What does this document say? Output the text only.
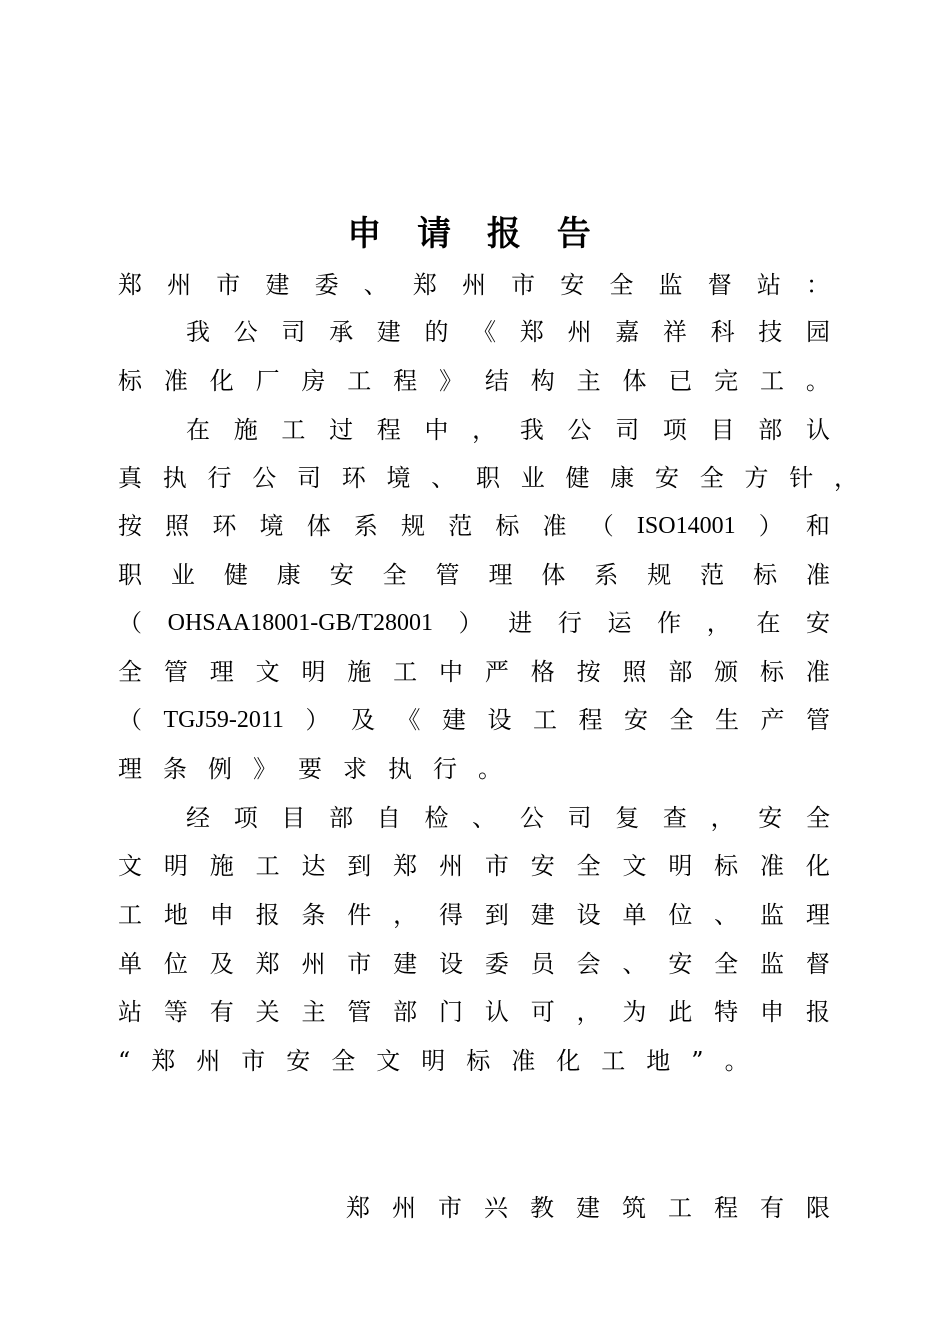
申 请 报 告
郑 州 市 建 委 、 郑 州 市 安 全 监 督 站 ：
我 公 司 承 建 的 《 郑 州 嘉 祥 科 技 园
标 准 化 厂 房 工 程 》 结 构 主 体 已 完 工 。
在 施 工 过 程 中 ， 我 公 司 项 目 部 认
真 执 行 公 司 环 境 、 职 业 健 康 安 全 方 针 ，
按 照 环 境 体 系 规 范 标 准 （ ISO14001 ） 和
职 业 健 康 安 全 管 理 体 系 规 范 标 准
（ OHSAA18001-GB/T28001 ） 进 行 运 作 ， 在 安
全 管 理 文 明 施 工 中 严 格 按 照 部 颁 标 准
（ TGJ59-2011 ） 及 《 建 设 工 程 安 全 生 产 管
理 条 例 》 要 求 执 行 。
经 项 目 部 自 检 、 公 司 复 查 ， 安 全
文 明 施 工 达 到 郑 州 市 安 全 文 明 标 准 化
工 地 申 报 条 件 ， 得 到 建 设 单 位 、 监 理
单 位 及 郑 州 市 建 设 委 员 会 、 安 全 监 督
站 等 有 关 主 管 部 门 认 可 ， 为 此 特 申 报
“ 郑 州 市 安 全 文 明 标 准 化 工 地 ” 。
郑 州 市 兴 教 建 筑 工 程 有 限
